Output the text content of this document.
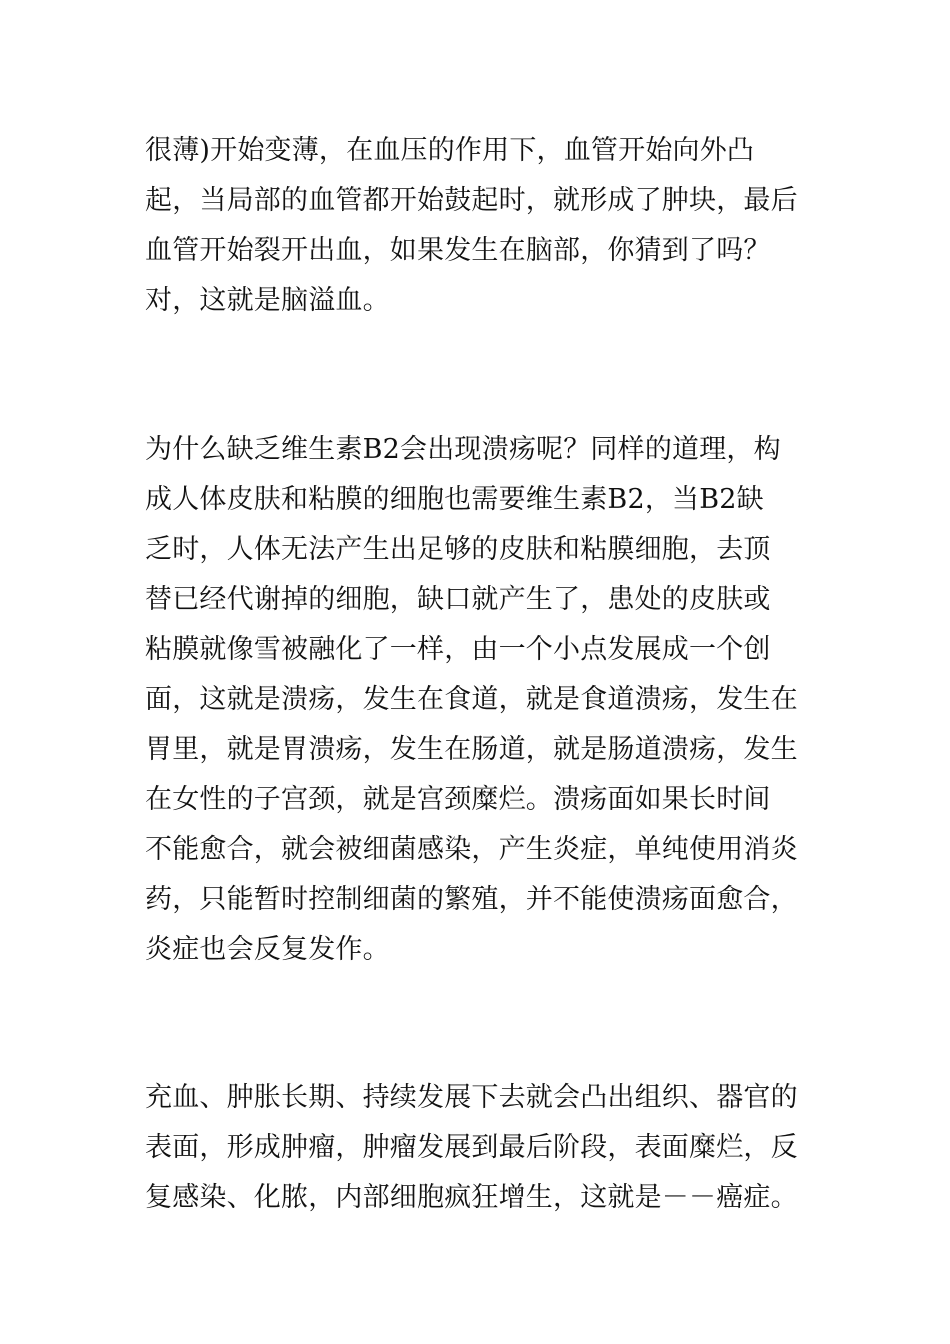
很薄)开始变薄，在血压的作用下，血管开始向外凸
起，当局部的血管都开始鼓起时，就形成了肿块，最后
血管开始裂开出血，如果发生在脑部，你猜到了吗？
对，这就是脑溢血。

为什么缺乏维生素B2会出现溃疡呢？同样的道理，构
成人体皮肤和粘膜的细胞也需要维生素B2，当B2缺
乏时，人体无法产生出足够的皮肤和粘膜细胞，去顶
替已经代谢掉的细胞，缺口就产生了，患处的皮肤或
粘膜就像雪被融化了一样，由一个小点发展成一个创
面，这就是溃疡，发生在食道，就是食道溃疡，发生在
胃里，就是胃溃疡，发生在肠道，就是肠道溃疡，发生
在女性的子宫颈，就是宫颈糜烂。溃疡面如果长时间
不能愈合，就会被细菌感染，产生炎症，单纯使用消炎
药，只能暂时控制细菌的繁殖，并不能使溃疡面愈合，
炎症也会反复发作。

充血、肿胀长期、持续发展下去就会凸出组织、器官的
表面，形成肿瘤，肿瘤发展到最后阶段，表面糜烂，反
复感染、化脓，内部细胞疯狂增生，这就是－－癌症。
